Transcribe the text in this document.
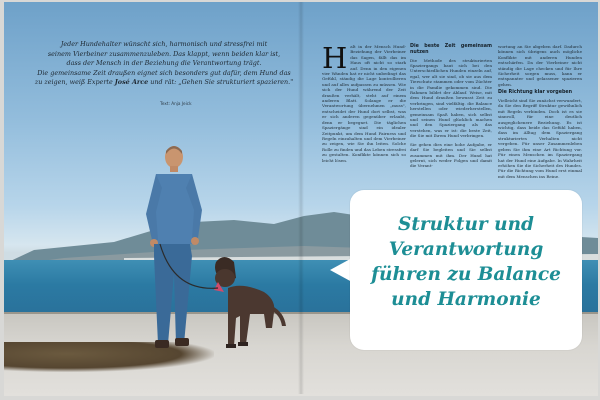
Jeder Hundehalter wünscht sich, harmonisch und stressfrei mit

seinem Vierbeiner zusammenzuleben. Das klappt, wenn beiden klar ist,

dass der Mensch in der Beziehung die Verantwortung trägt.

Die gemeinsame Zeit draußen eignet sich besonders gut dafür, dem Hund das

zu zeigen, weiß Experte José Arce und rät: „Gehen Sie strukturiert spazieren."

Text: Anja Jeick
H alt in der Mensch Hund-Beziehung der Vierbeiner das Sagen, fällt das im Haus oft nicht so stark auf. Denn in den eigenen vier Wänden hat er nicht unbedingt das Gefühl, ständig die Lage kontrollieren und auf alles aufpassen zu müssen. Wie sich der Hund während der Zeit draußen verhält, steht auf einem anderen Blatt. Solange er die Verantwortung übernehmen „muss", entscheidet der Hund dort selbst, was er sich anderen gegenüber erlaubt, denn er begegnet. Die täglichen Spaziergänge sind ein idealer Zeitpunkt, um dem Hund Fairness und Regeln einzuhalten und dem Vierbeiner zu zeigen, wie Sie ihn leiten. Solche Rolle zu finden und das Leben stressfrei zu gestalten. Konflikte können sich so leicht lösen.

Die beste Zeit gemeinsam nutzen

Die Methode des strukturierten Spaziergangs baut sich bei den Unterschiedlichen Hunden einzeln auf, egal, wer alt sie sind, ob sie aus dem Tierschutz stammen oder vom Züchter in die Familie gekommen sind. Die Rahmen bildet der Ablauf. Weise, mit dem Hund draußen bewusst Zeit zu verbringen, sind vielfältig. die Balance herstellen oder wiederherstellen, gemeinsam Spaß haben, sich selbst und seinen Hund glücklich machen und den Spaziergang als das verstehen, was er ist: die beste Zeit, die Sie mit Ihrem Hund verbringen.

Sie gehen dies eine hohe Aufgabe, er darf Sie begleiten und Sie selbst zusammen mit ihm. Der Hund hat gelernt, sich weder Folgen und damit die Verant-

wortung an Sie abgeben darf. Dadurch können sich übrigens auch mögliche Konflikte mit anderen Hunden entschärfen. Da der Vierbeiner nicht ständig die Lage checken und für Ihre Sicherheit sorgen muss, kann er entspannter und gelassener spazieren gehen.

Die Richtung klar vorgeben

Vielleicht sind Sie zunächst verwundert, da Sie den Begriff Struktur gewöhnlich mit Regeln verbinden. Doch ist es sie sinnvoll, für eine deutlich ausgeglichenere Beziehung. Es ist wichtig, dass beide das Gefühl haben, dass im Alltag dem Spaziergang strukturiertes Verhalten nicht vergeben. Für unser Zusammenleben geben Sie ihm eine Art Richtung vor. Für einen Menschen im Spaziergang hat der Hund eine Aufgabe. In Wahrheit erhöhen Sie die Sicherheit des Hundes. Für die Richtung vom Hund erst einmal mit dem Menschen ins Reine.

Struktur und
Verantwortung
führen zu Balance
und Harmonie
